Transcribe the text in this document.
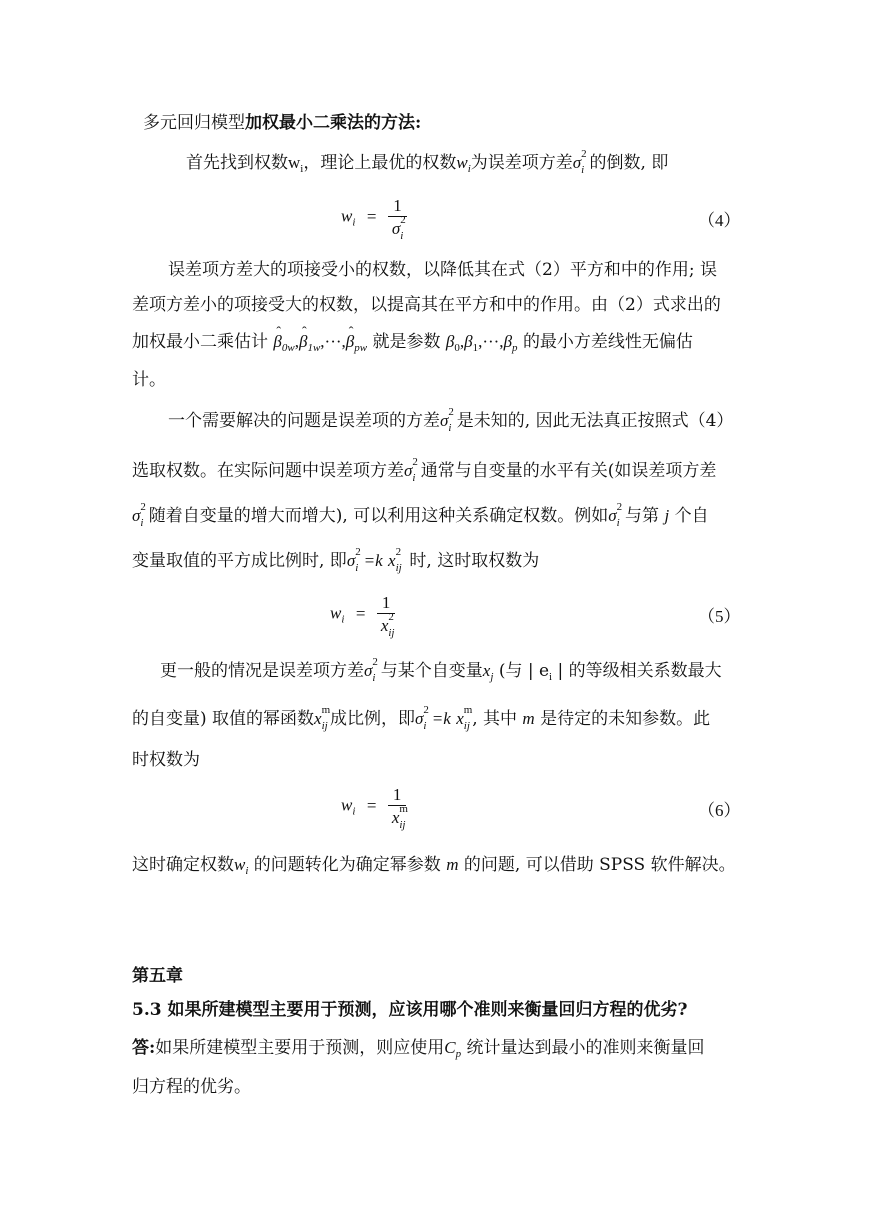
多元回归模型加权最小二乘法的方法:
首先找到权数$w_i$，理论上最优的权数$w_i$为误差项方差σ 2
i 的倒数, 即
$w_i = 1$
σ 2
i	（4）
误差项方差大的项接受小的权数，以降低其在式（2）平方和中的作用; 误
差项方差小的项接受大的权数，以提高其在平方和中的作用。由（2）式求出的
加权最小二乘估计 ˆ $\beta_{0w},ˆ$ $\beta_{1w},\cdot\cdot\cdot,ˆ$ $\beta_{pw}$ 就是参数 $\beta_0,\beta_1,\cdot\cdot\cdot,\beta_p$ 的最小方差线性无偏估
计。
一个需要解决的问题是误差项的方差σ 2
i 是未知的, 因此无法真正按照式（4）
选取权数。在实际问题中误差项方差σ 2
i 通常与自变量的水平有关(如误差项方差
σ 2
i 随着自变量的增大而增大), 可以利用这种关系确定权数。例如σ 2
i 与第 j 个自
变量取值的平方成比例时, 即σ 2
i =k x 2
ij 时, 这时取权数为
$w_i = 1$
x 2
ij	（5）
更一般的情况是误差项方差σ 2
i 与某个自变量$x_j$ (与 | $e_i$ | 的等级相关系数最大
的自变量) 取值的幂函数x m
ij 成比例，即σ 2
i =k x m
ij , 其中 m 是待定的未知参数。此
时权数为
$w_i = 1$
x m
ij	（6）
这时确定权数$w_i$ 的问题转化为确定幂参数 m 的问题, 可以借助 SPSS 软件解决。
第五章
5.3 如果所建模型主要用于预测，应该用哪个准则来衡量回归方程的优劣?
答:如果所建模型主要用于预测，则应使用$C_p$ 统计量达到最小的准则来衡量回
归方程的优劣。
